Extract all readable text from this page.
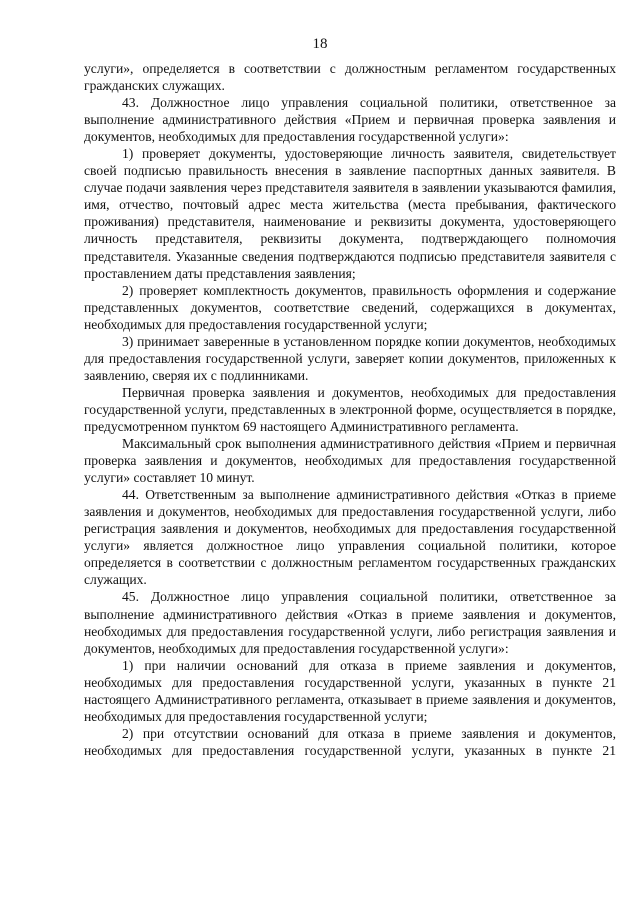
18

услуги», определяется в соответствии с должностным регламентом государственных гражданских служащих.

43. Должностное лицо управления социальной политики, ответственное за выполнение административного действия «Прием и первичная проверка заявления и документов, необходимых для предоставления государственной услуги»:

1) проверяет документы, удостоверяющие личность заявителя, свидетельствует своей подписью правильность внесения в заявление паспортных данных заявителя. В случае подачи заявления через представителя заявителя в заявлении указываются фамилия, имя, отчество, почтовый адрес места жительства (места пребывания, фактического проживания) представителя, наименование и реквизиты документа, удостоверяющего личность представителя, реквизиты документа, подтверждающего полномочия представителя. Указанные сведения подтверждаются подписью представителя заявителя с проставлением даты представления заявления;

2) проверяет комплектность документов, правильность оформления и содержание представленных документов, соответствие сведений, содержащихся в документах, необходимых для предоставления государственной услуги;

3) принимает заверенные в установленном порядке копии документов, необходимых для предоставления государственной услуги, заверяет копии документов, приложенных к заявлению, сверяя их с подлинниками.

Первичная проверка заявления и документов, необходимых для предоставления государственной услуги, представленных в электронной форме, осуществляется в порядке, предусмотренном пунктом 69 настоящего Административного регламента.

Максимальный срок выполнения административного действия «Прием и первичная проверка заявления и документов, необходимых для предоставления государственной услуги» составляет 10 минут.

44. Ответственным за выполнение административного действия «Отказ в приеме заявления и документов, необходимых для предоставления государственной услуги, либо регистрация заявления и документов, необходимых для предоставления государственной услуги» является должностное лицо управления социальной политики, которое определяется в соответствии с должностным регламентом государственных гражданских служащих.

45. Должностное лицо управления социальной политики, ответственное за выполнение административного действия «Отказ в приеме заявления и документов, необходимых для предоставления государственной услуги, либо регистрация заявления и документов, необходимых для предоставления государственной услуги»:

1) при наличии оснований для отказа в приеме заявления и документов, необходимых для предоставления государственной услуги, указанных в пункте 21 настоящего Административного регламента, отказывает в приеме заявления и документов, необходимых для предоставления государственной услуги;

2) при отсутствии оснований для отказа в приеме заявления и документов, необходимых для предоставления государственной услуги, указанных в пункте 21
